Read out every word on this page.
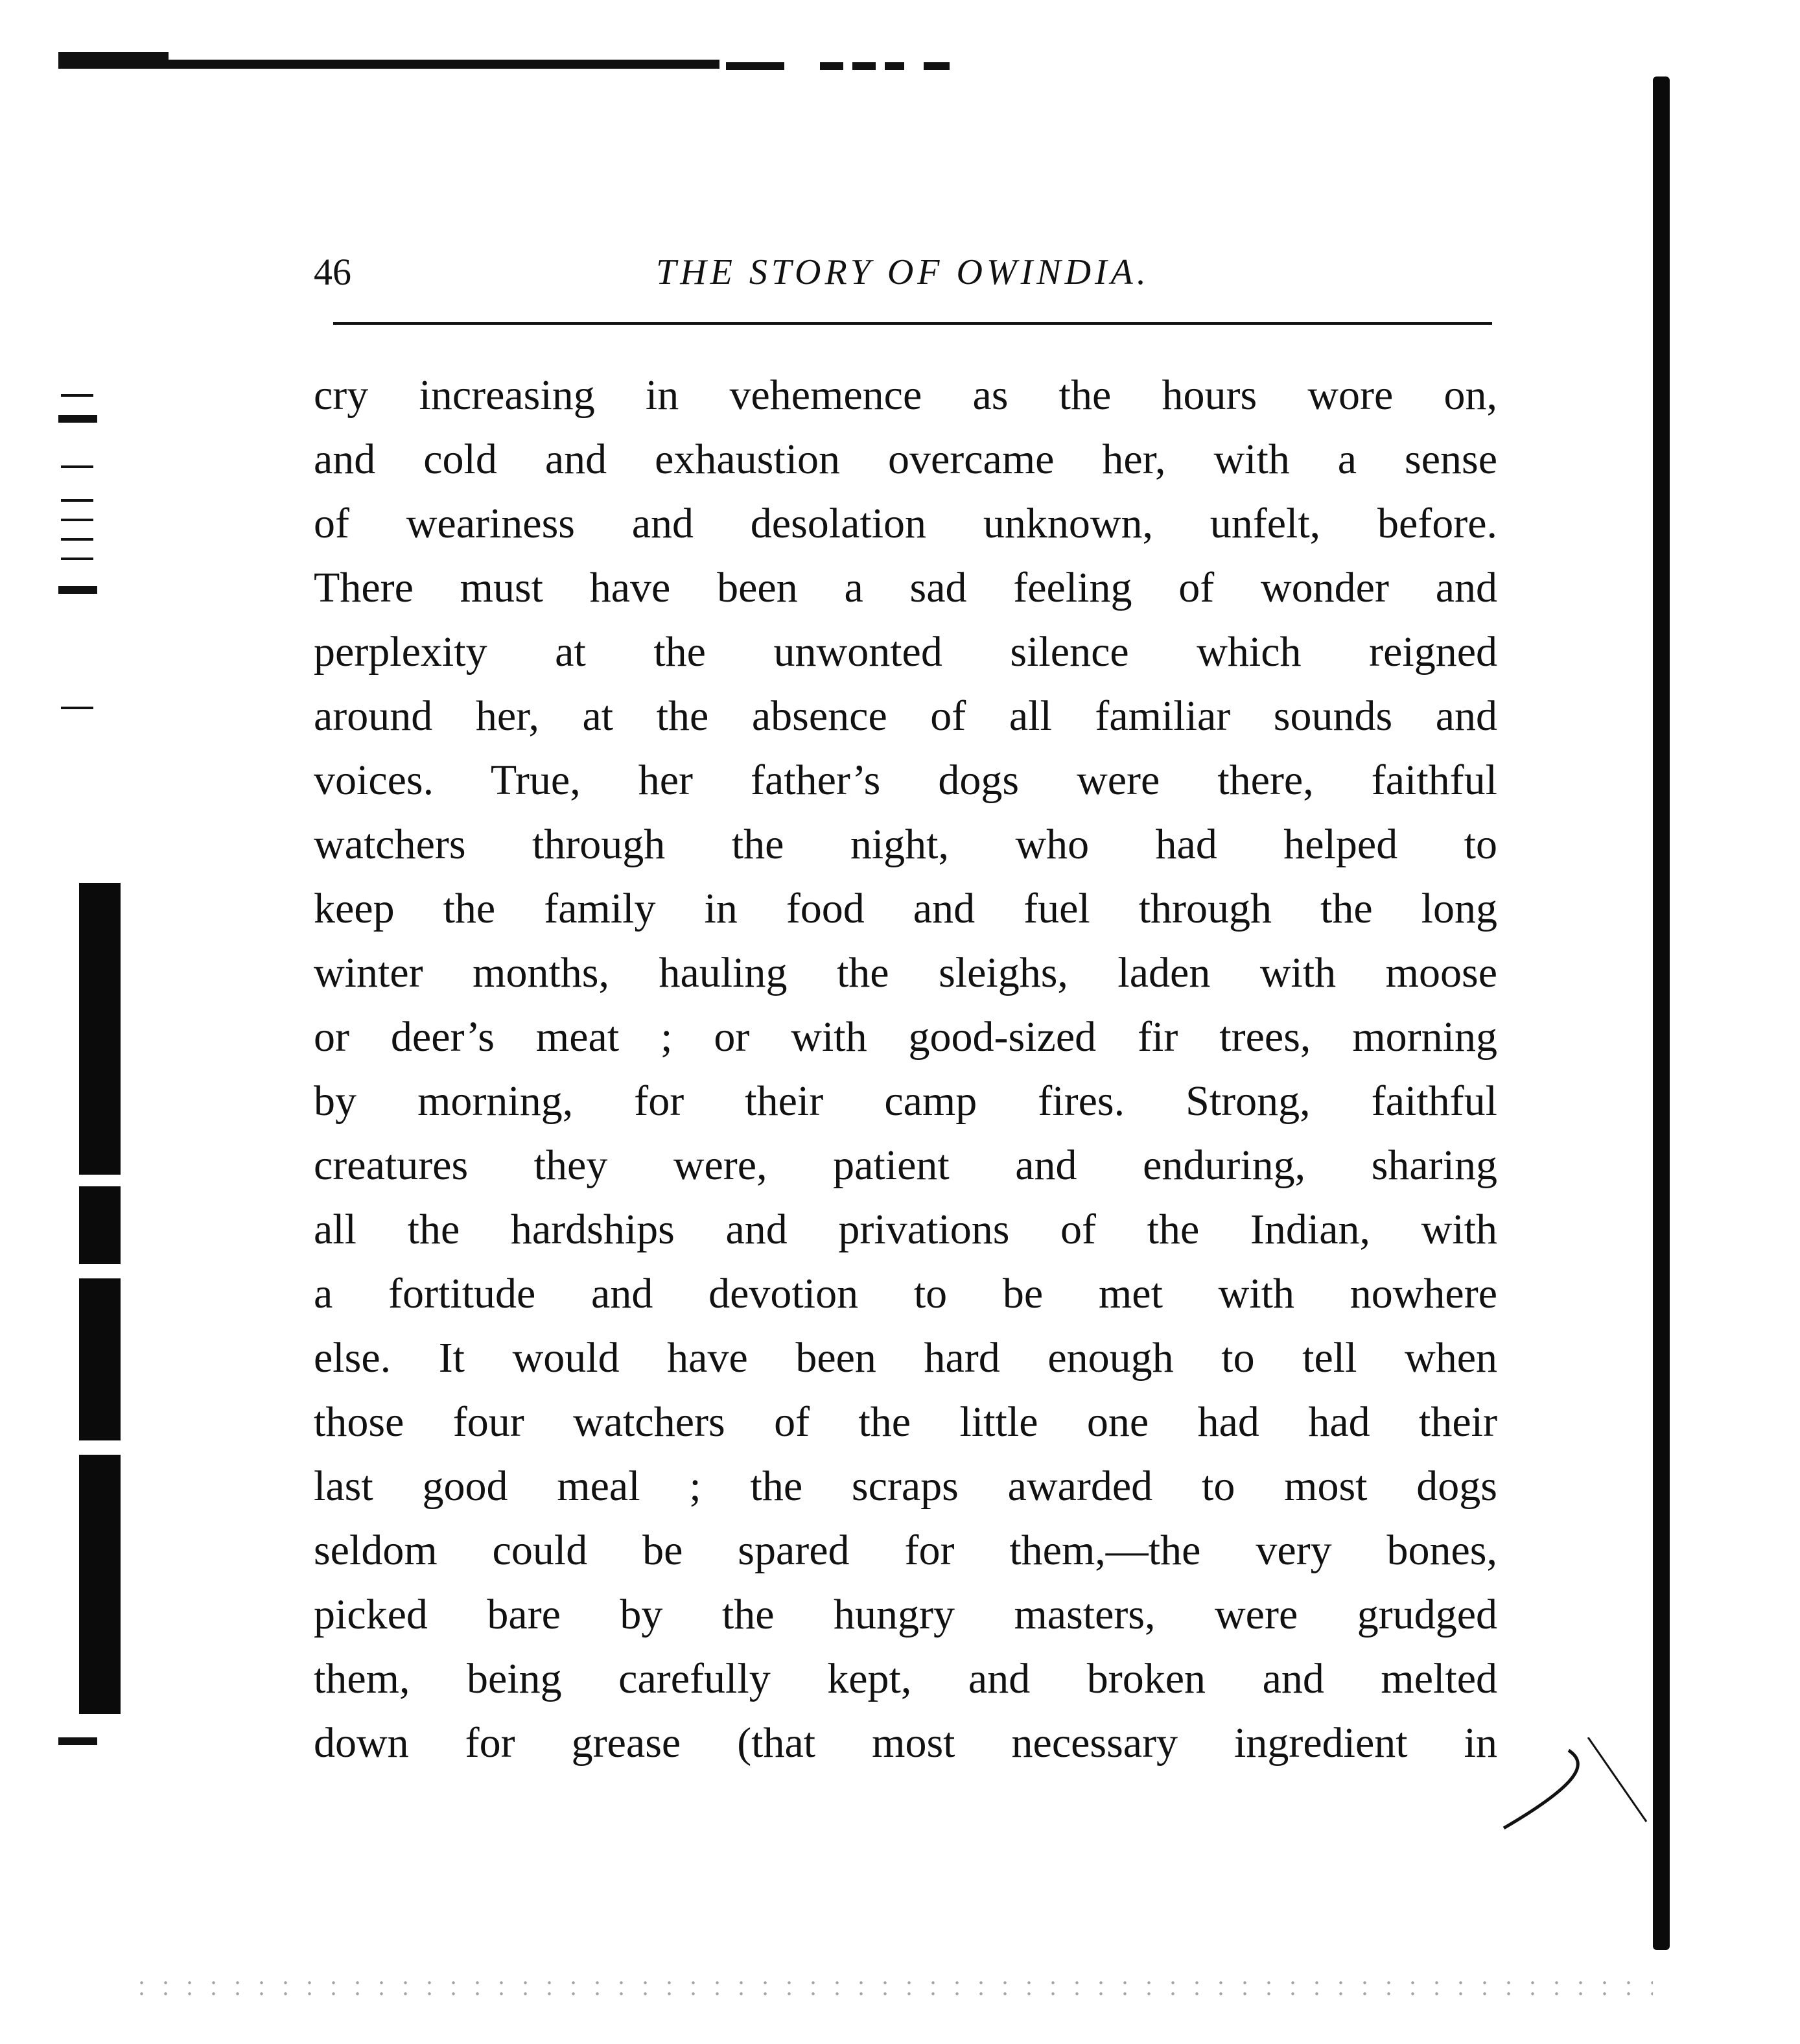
46	THE STORY OF OWINDIA.
cry increasing in vehemence as the hours wore on,
and cold and exhaustion overcame her, with a sense
of weariness and desolation unknown, unfelt, before.
There must have been a sad feeling of wonder and
perplexity at the unwonted silence which reigned
around her, at the absence of all familiar sounds and
voices. True, her father’s dogs were there, faithful
watchers through the night, who had helped to
keep the family in food and fuel through the long
winter months, hauling the sleighs, laden with moose
or deer’s meat ; or with good-sized fir trees, morning
by morning, for their camp fires. Strong, faithful
creatures they were, patient and enduring, sharing
all the hardships and privations of the Indian, with
a fortitude and devotion to be met with nowhere
else. It would have been hard enough to tell when
those four watchers of the little one had had their
last good meal ; the scraps awarded to most dogs
seldom could be spared for them,—the very bones,
picked bare by the hungry masters, were grudged
them, being carefully kept, and broken and melted
down for grease (that most necessary ingredient in
